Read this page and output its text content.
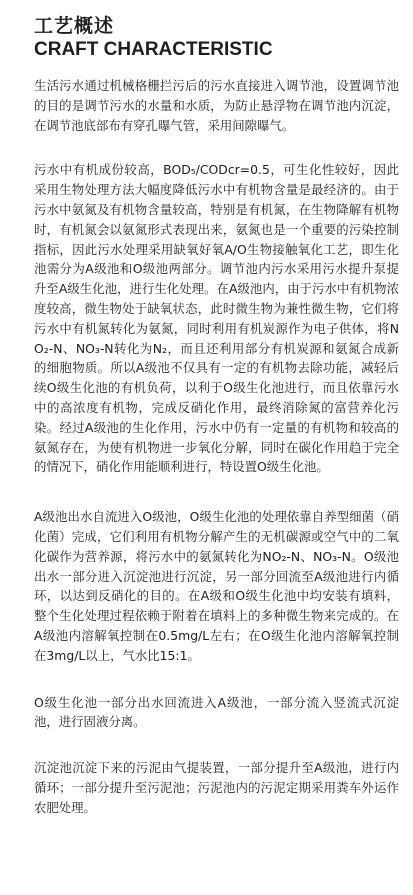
工艺概述
CRAFT CHARACTERISTIC

生活污水通过机械格栅拦污后的污水直接进入调节池，设置调节池的目的是调节污水的水量和水质，为防止悬浮物在调节池内沉淀，在调节池底部布有穿孔曝气管，采用间隙曝气。

污水中有机成份较高，BOD₅/CODcr=0.5，可生化性较好，因此采用生物处理方法大幅度降低污水中有机物含量是最经济的。由于污水中氨氮及有机物含量较高，特别是有机氮，在生物降解有机物时，有机氮会以氨氮形式表现出来，氨氮也是一个重要的污染控制指标，因此污水处理采用缺氧好氧A/O生物接触氧化工艺，即生化池需分为A级池和O级池两部分。调节池内污水采用污水提升泵提升至A级生化池，进行生化处理。在A级池内，由于污水中有机物浓度较高，微生物处于缺氧状态，此时微生物为兼性微生物，它们将污水中有机氮转化为氨氮，同时利用有机炭源作为电子供体，将NO₂-N、NO₃-N转化为N₂，而且还利用部分有机炭源和氨氮合成新的细胞物质。所以A级池不仅具有一定的有机物去除功能，减轻后续O级生化池的有机负荷，以利于O级生化池进行，而且依靠污水中的高浓度有机物，完成反硝化作用，最终消除氮的富营养化污染。经过A级池的生化作用，污水中仍有一定量的有机物和较高的氨氮存在，为使有机物进一步氧化分解，同时在碳化作用趋于完全的情况下，硝化作用能顺利进行，特设置O级生化池。

A级池出水自流进入O级池，O级生化池的处理依靠自养型细菌（硝化菌）完成，它们利用有机物分解产生的无机碳源或空气中的二氧化碳作为营养源，将污水中的氨氮转化为NO₂-N、NO₃-N。O级池出水一部分进入沉淀池进行沉淀，另一部分回流至A级池进行内循环，以达到反硝化的目的。在A级和O级生化池中均安装有填料，整个生化处理过程依赖于附着在填料上的多种微生物来完成的。在A级池内溶解氧控制在0.5mg/L左右；在O级生化池内溶解氧控制在3mg/L以上，气水比15:1。

O级生化池一部分出水回流进入A级池，一部分流入竖流式沉淀池，进行固液分离。

沉淀池沉淀下来的污泥由气提装置，一部分提升至A级池，进行内循环；一部分提升至污泥池；污泥池内的污泥定期采用粪车外运作农肥处理。
